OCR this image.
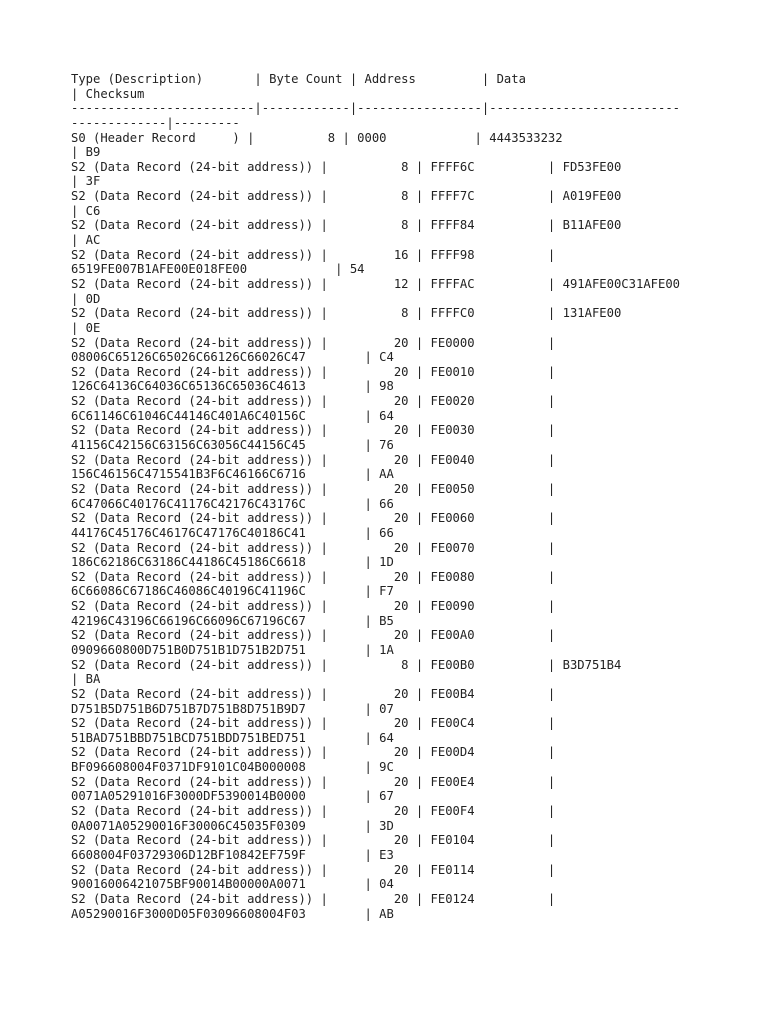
Type (Description)       | Byte Count | Address         | Data
| Checksum
-------------------------|------------|-----------------|--------------------------
-------------|---------
S0 (Header Record     ) |          8 | 0000            | 4443533232
| B9
S2 (Data Record (24-bit address)) |          8 | FFFF6C          | FD53FE00
| 3F
S2 (Data Record (24-bit address)) |          8 | FFFF7C          | A019FE00
| C6
S2 (Data Record (24-bit address)) |          8 | FFFF84          | B11AFE00
| AC
S2 (Data Record (24-bit address)) |         16 | FFFF98          |
6519FE007B1AFE00E018FE00            | 54
S2 (Data Record (24-bit address)) |         12 | FFFFAC          | 491AFE00C31AFE00
| 0D
S2 (Data Record (24-bit address)) |          8 | FFFFC0          | 131AFE00
| 0E
S2 (Data Record (24-bit address)) |         20 | FE0000          |
08006C65126C65026C66126C66026C47        | C4
S2 (Data Record (24-bit address)) |         20 | FE0010          |
126C64136C64036C65136C65036C4613        | 98
S2 (Data Record (24-bit address)) |         20 | FE0020          |
6C61146C61046C44146C401A6C40156C        | 64
S2 (Data Record (24-bit address)) |         20 | FE0030          |
41156C42156C63156C63056C44156C45        | 76
S2 (Data Record (24-bit address)) |         20 | FE0040          |
156C46156C4715541B3F6C46166C6716        | AA
S2 (Data Record (24-bit address)) |         20 | FE0050          |
6C47066C40176C41176C42176C43176C        | 66
S2 (Data Record (24-bit address)) |         20 | FE0060          |
44176C45176C46176C47176C40186C41        | 66
S2 (Data Record (24-bit address)) |         20 | FE0070          |
186C62186C63186C44186C45186C6618        | 1D
S2 (Data Record (24-bit address)) |         20 | FE0080          |
6C66086C67186C46086C40196C41196C        | F7
S2 (Data Record (24-bit address)) |         20 | FE0090          |
42196C43196C66196C66096C67196C67        | B5
S2 (Data Record (24-bit address)) |         20 | FE00A0          |
0909660800D751B0D751B1D751B2D751        | 1A
S2 (Data Record (24-bit address)) |          8 | FE00B0          | B3D751B4
| BA
S2 (Data Record (24-bit address)) |         20 | FE00B4          |
D751B5D751B6D751B7D751B8D751B9D7        | 07
S2 (Data Record (24-bit address)) |         20 | FE00C4          |
51BAD751BBD751BCD751BDD751BED751        | 64
S2 (Data Record (24-bit address)) |         20 | FE00D4          |
BF096608004F0371DF9101C04B000008        | 9C
S2 (Data Record (24-bit address)) |         20 | FE00E4          |
0071A05291016F3000DF5390014B0000        | 67
S2 (Data Record (24-bit address)) |         20 | FE00F4          |
0A0071A05290016F30006C45035F0309        | 3D
S2 (Data Record (24-bit address)) |         20 | FE0104          |
6608004F03729306D12BF10842EF759F        | E3
S2 (Data Record (24-bit address)) |         20 | FE0114          |
90016006421075BF90014B00000A0071        | 04
S2 (Data Record (24-bit address)) |         20 | FE0124          |
A05290016F3000D05F03096608004F03        | AB
